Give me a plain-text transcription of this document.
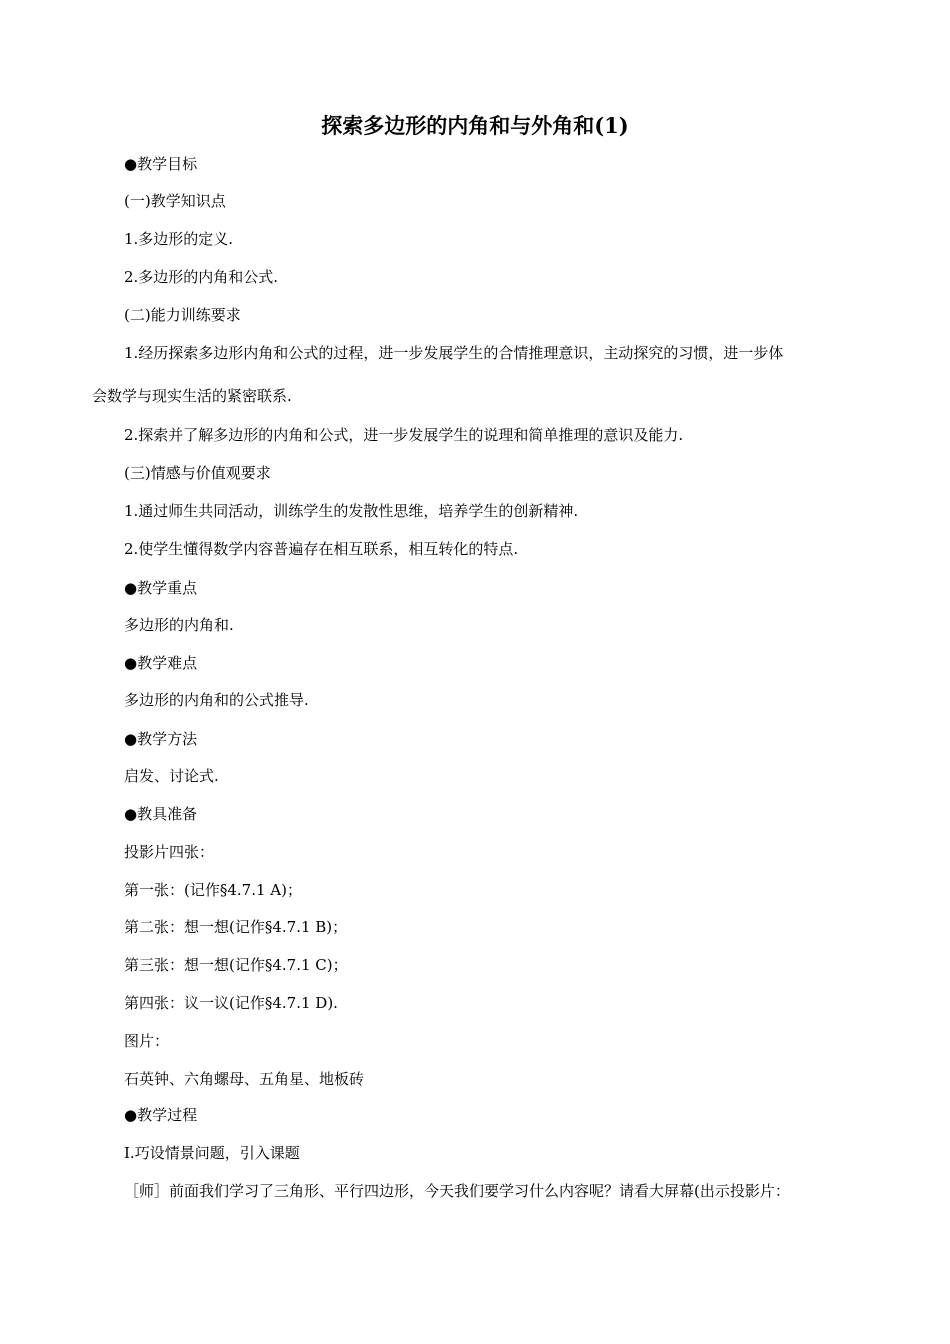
探索多边形的内角和与外角和(1)
●教学目标
(一)教学知识点
1.多边形的定义.
2.多边形的内角和公式.
(二)能力训练要求
1.经历探索多边形内角和公式的过程，进一步发展学生的合情推理意识，主动探究的习惯，进一步体
会数学与现实生活的紧密联系.
2.探索并了解多边形的内角和公式，进一步发展学生的说理和简单推理的意识及能力.
(三)情感与价值观要求
1.通过师生共同活动，训练学生的发散性思维，培养学生的创新精神.
2.使学生懂得数学内容普遍存在相互联系，相互转化的特点.
●教学重点
多边形的内角和.
●教学难点
多边形的内角和的公式推导.
●教学方法
启发、讨论式.
●教具准备
投影片四张：
第一张：(记作§4.7.1 A)；
第二张：想一想(记作§4.7.1 B)；
第三张：想一想(记作§4.7.1 C)；
第四张：议一议(记作§4.7.1 D).
图片：
石英钟、六角螺母、五角星、地板砖
●教学过程
Ⅰ.巧设情景问题，引入课题
［师］前面我们学习了三角形、平行四边形，今天我们要学习什么内容呢？请看大屏幕(出示投影片：
